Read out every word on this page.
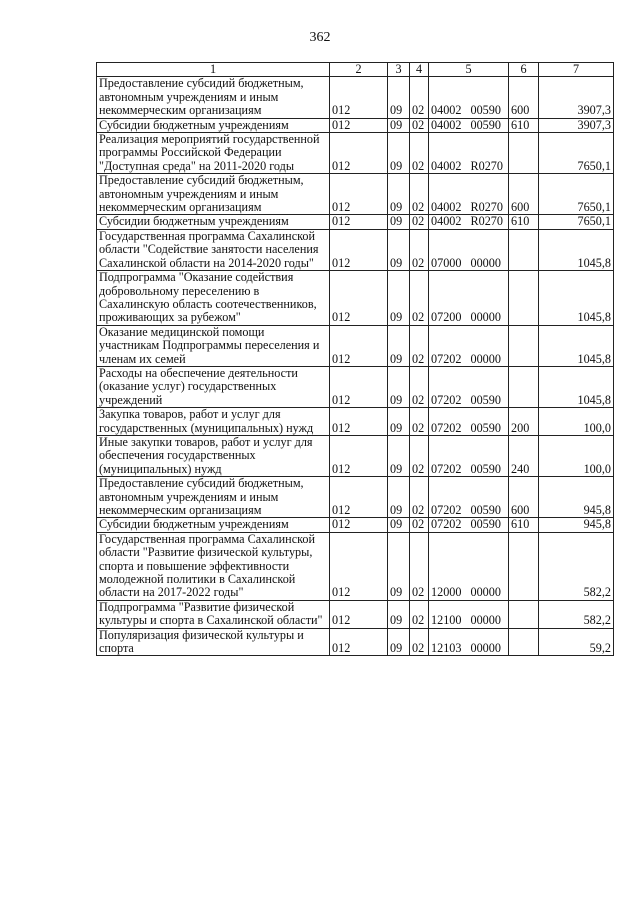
362
1	2	3	4	5	6	7
Предоставление субсидий бюджетным, автономным учреждениям и иным некоммерческим организациям	012	09	02	04002 00590	600	3907,3
Субсидии бюджетным учреждениям	012	09	02	04002 00590	610	3907,3
Реализация мероприятий государственной программы Российской Федерации "Доступная среда" на 2011-2020 годы	012	09	02	04002 R0270		7650,1
Предоставление субсидий бюджетным, автономным учреждениям и иным некоммерческим организациям	012	09	02	04002 R0270	600	7650,1
Субсидии бюджетным учреждениям	012	09	02	04002 R0270	610	7650,1
Государственная программа Сахалинской области "Содействие занятости населения Сахалинской области на 2014-2020 годы"	012	09	02	07000 00000		1045,8
Подпрограмма "Оказание содействия добровольному переселению в Сахалинскую область соотечественников, проживающих за рубежом"	012	09	02	07200 00000		1045,8
Оказание медицинской помощи участникам Подпрограммы переселения и членам их семей	012	09	02	07202 00000		1045,8
Расходы на обеспечение деятельности (оказание услуг) государственных учреждений	012	09	02	07202 00590		1045,8
Закупка товаров, работ и услуг для государственных (муниципальных) нужд	012	09	02	07202 00590	200	100,0
Иные закупки товаров, работ и услуг для обеспечения государственных (муниципальных) нужд	012	09	02	07202 00590	240	100,0
Предоставление субсидий бюджетным, автономным учреждениям и иным некоммерческим организациям	012	09	02	07202 00590	600	945,8
Субсидии бюджетным учреждениям	012	09	02	07202 00590	610	945,8
Государственная программа Сахалинской области "Развитие физической культуры, спорта и повышение эффективности молодежной политики в Сахалинской области на 2017-2022 годы"	012	09	02	12000 00000		582,2
Подпрограмма "Развитие физической культуры и спорта в Сахалинской области"	012	09	02	12100 00000		582,2
Популяризация физической культуры и спорта	012	09	02	12103 00000		59,2
